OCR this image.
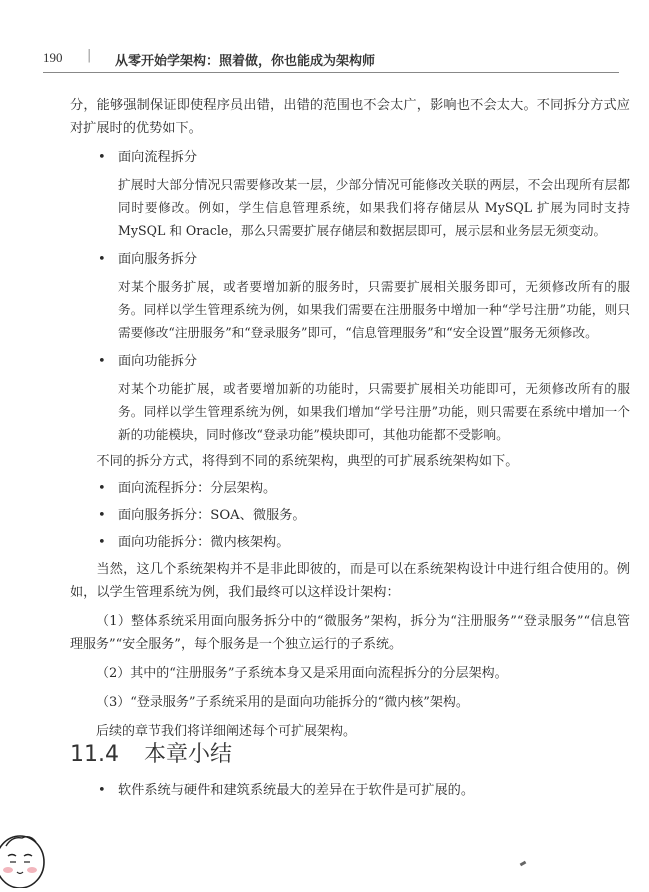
190 | 从零开始学架构：照着做，你也能成为架构师

分，能够强制保证即使程序员出错，出错的范围也不会太广，影响也不会太大。不同拆分方式应对扩展时的优势如下。

• 面向流程拆分

扩展时大部分情况只需要修改某一层，少部分情况可能修改关联的两层，不会出现所有层都同时要修改。例如，学生信息管理系统，如果我们将存储层从 MySQL 扩展为同时支持 MySQL 和 Oracle，那么只需要扩展存储层和数据层即可，展示层和业务层无须变动。

• 面向服务拆分

对某个服务扩展，或者要增加新的服务时，只需要扩展相关服务即可，无须修改所有的服务。同样以学生管理系统为例，如果我们需要在注册服务中增加一种“学号注册”功能，则只需要修改“注册服务”和“登录服务”即可，“信息管理服务”和“安全设置”服务无须修改。

• 面向功能拆分

对某个功能扩展，或者要增加新的功能时，只需要扩展相关功能即可，无须修改所有的服务。同样以学生管理系统为例，如果我们增加“学号注册”功能，则只需要在系统中增加一个新的功能模块，同时修改“登录功能”模块即可，其他功能都不受影响。

不同的拆分方式，将得到不同的系统架构，典型的可扩展系统架构如下。

• 面向流程拆分：分层架构。
• 面向服务拆分：SOA、微服务。
• 面向功能拆分：微内核架构。

当然，这几个系统架构并不是非此即彼的，而是可以在系统架构设计中进行组合使用的。例如，以学生管理系统为例，我们最终可以这样设计架构：

（1）整体系统采用面向服务拆分中的“微服务”架构，拆分为“注册服务”“登录服务”“信息管理服务”“安全服务”，每个服务是一个独立运行的子系统。

（2）其中的“注册服务”子系统本身又是采用面向流程拆分的分层架构。

（3）“登录服务”子系统采用的是面向功能拆分的“微内核”架构。

后续的章节我们将详细阐述每个可扩展架构。

11.4 本章小结
• 软件系统与硬件和建筑系统最大的差异在于软件是可扩展的。
